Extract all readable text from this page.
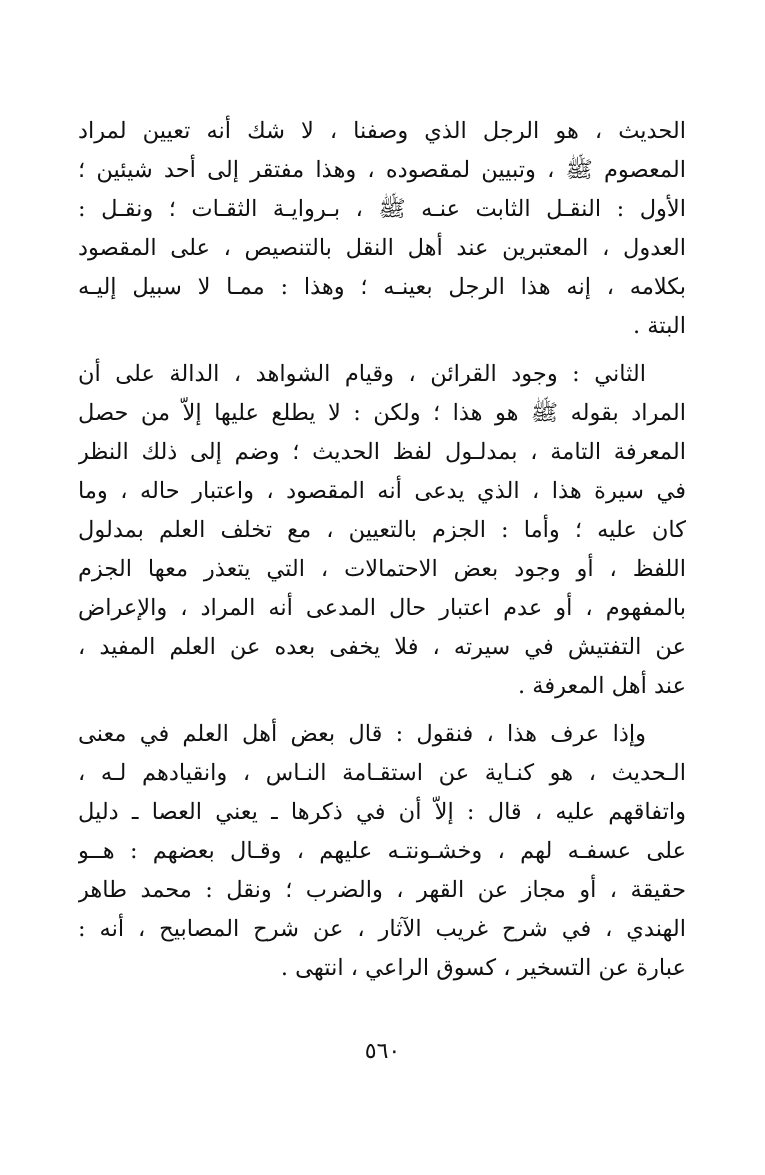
الحديث ، هو الرجل الذي وصفنا ، لا شك أنه تعيين لمراد
المعصوم ﷺ ، وتبيين لمقصوده ، وهذا مفتقر إلى أحد شيئين ؛
الأول : النقـل الثابت عنـه ﷺ ، بـروايـة الثقـات ؛ ونقـل :
العدول ، المعتبرين عند أهل النقل بالتنصيص ، على المقصود
بكلامه ، إنه هذا الرجل بعينـه ؛ وهذا : ممـا لا سبيل إليـه
البتة .
الثاني : وجود القرائن ، وقيام الشواهد ، الدالة على أن
المراد بقوله ﷺ هو هذا ؛ ولكن : لا يطلع عليها إلاّ من حصل
المعرفة التامة ، بمدلـول لفظ الحديث ؛ وضم إلى ذلك النظر
في سيرة هذا ، الذي يدعى أنه المقصود ، واعتبار حاله ، وما
كان عليه ؛ وأما : الجزم بالتعيين ، مع تخلف العلم بمدلول
اللفظ ، أو وجود بعض الاحتمالات ، التي يتعذر معها الجزم
بالمفهوم ، أو عدم اعتبار حال المدعى أنه المراد ، والإعراض
عن التفتيش في سيرته ، فلا يخفى بعده عن العلم المفيد ،
عند أهل المعرفة .
وإذا عرف هذا ، فنقول : قال بعض أهل العلم في معنى
الـحديث ، هو كنـاية عن استقـامة النـاس ، وانقيادهم لـه ،
واتفاقهم عليه ، قال : إلاّ أن في ذكرها ـ يعني العصا ـ دليل
على عسفـه لهم ، وخشـونتـه عليهم ، وقـال بعضهم : هــو
حقيقة ، أو مجاز عن القهر ، والضرب ؛ ونقل : محمد طاهر
الهندي ، في شرح غريب الآثار ، عن شرح المصابيح ، أنه :
عبارة عن التسخير ، كسوق الراعي ، انتهى .
٥٦٠
